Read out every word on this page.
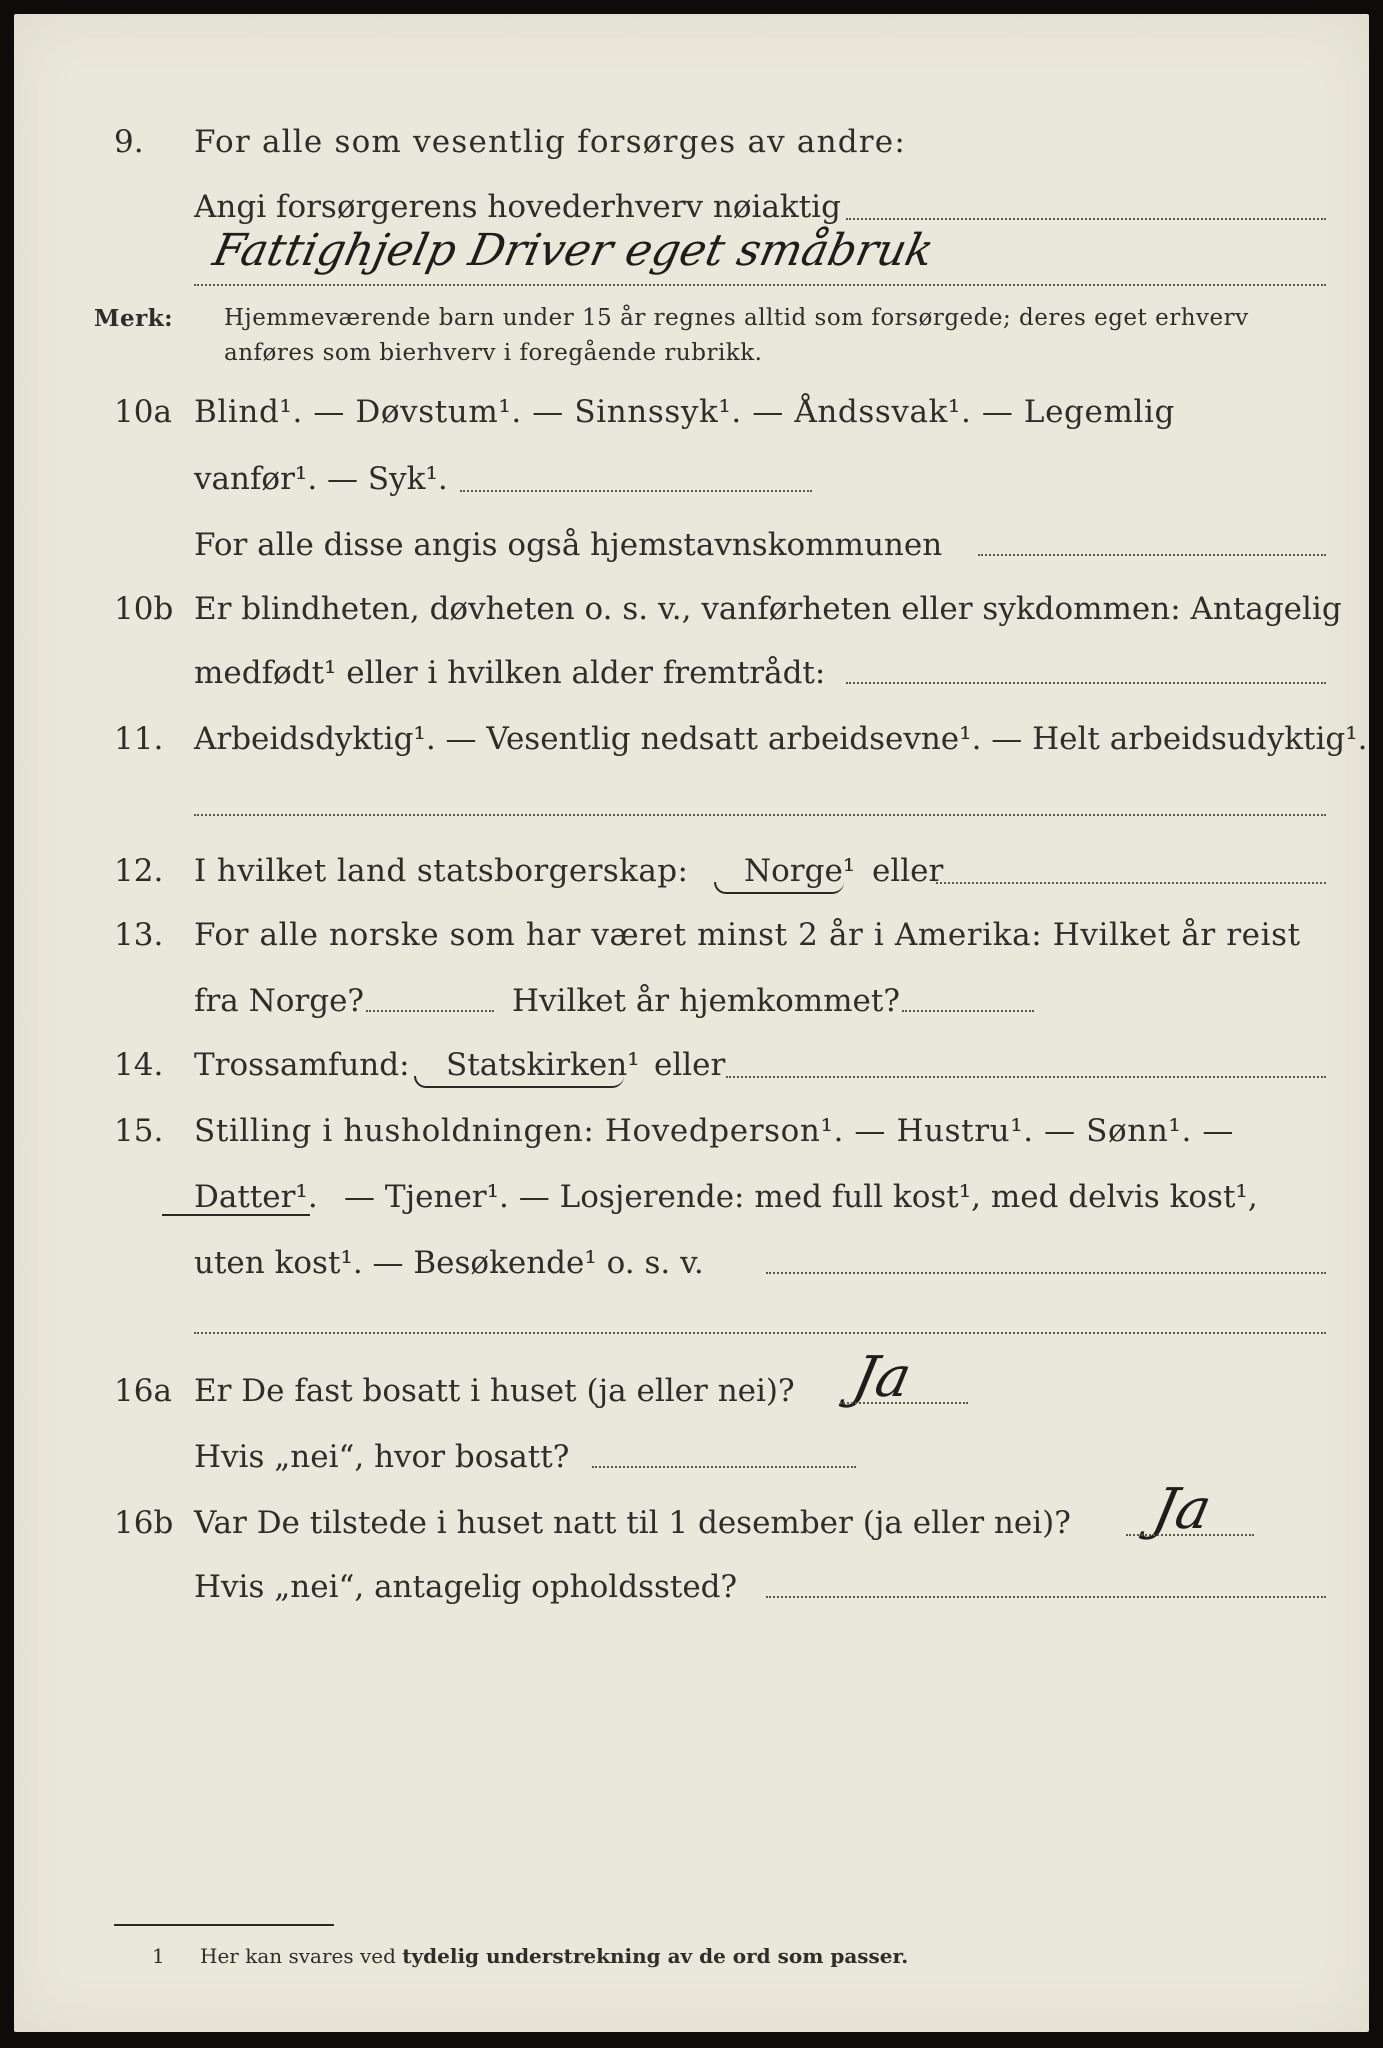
9. For alle som vesentlig forsørges av andre:
Angi forsørgerens hovederhverv nøiaktig
Fattighjelp Driver eget småbruk
Merk: Hjemmeværende barn under 15 år regnes alltid som forsørgede; deres eget erhverv
anføres som bierhverv i foregående rubrikk.
10a Blind¹. — Døvstum¹. — Sinnssyk¹. — Åndssvak¹. — Legemlig
vanfør¹. — Syk¹.
For alle disse angis også hjemstavnskommunen
10b Er blindheten, døvheten o. s. v., vanførheten eller sykdommen: Antagelig
medfødt¹ eller i hvilken alder fremtrådt:
11. Arbeidsdyktig¹. — Vesentlig nedsatt arbeidsevne¹. — Helt arbeidsudyktig¹.
12. I hvilket land statsborgerskap: Norge¹ eller
13. For alle norske som har været minst 2 år i Amerika: Hvilket år reist
fra Norge?	Hvilket år hjemkommet?
14. Trossamfund: Statskirken¹ eller
15. Stilling i husholdningen: Hovedperson¹. — Hustru¹. — Sønn¹. —
Datter¹. — Tjener¹. — Losjerende: med full kost¹, med delvis kost¹,
uten kost¹. — Besøkende¹ o. s. v.
16a Er De fast bosatt i huset (ja eller nei)? Ja
Hvis „nei“, hvor bosatt?
16b Var De tilstede i huset natt til 1 desember (ja eller nei)? Ja
Hvis „nei“, antagelig opholdssted?
1 Her kan svares ved tydelig understrekning av de ord som passer.
